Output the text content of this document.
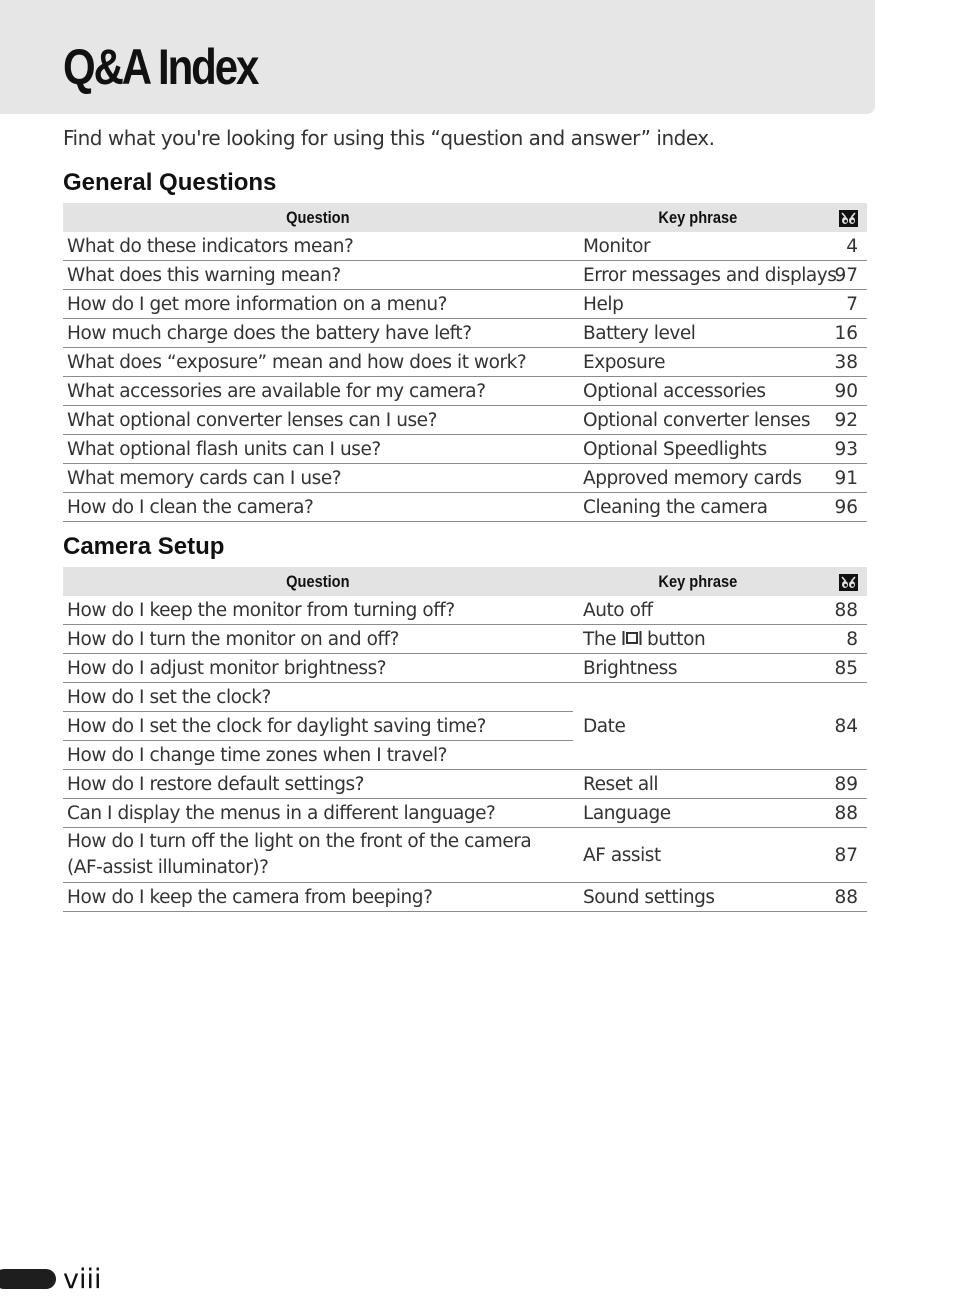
Q&A Index

Find what you're looking for using this “question and answer” index.

General Questions
Question	Key phrase	
What do these indicators mean?	Monitor	4
What does this warning mean?	Error messages and displays	97
How do I get more information on a menu?	Help	7
How much charge does the battery have left?	Battery level	16
What does “exposure” mean and how does it work?	Exposure	38
What accessories are available for my camera?	Optional accessories	90
What optional converter lenses can I use?	Optional converter lenses	92
What optional flash units can I use?	Optional Speedlights	93
What memory cards can I use?	Approved memory cards	91
How do I clean the camera?	Cleaning the camera	96
Camera Setup
Question	Key phrase	
How do I keep the monitor from turning off?	Auto off	88
How do I turn the monitor on and off?	The button	8
How do I adjust monitor brightness?	Brightness	85
How do I set the clock?	Date	84
How do I set the clock for daylight saving time?		
How do I change time zones when I travel?		
How do I restore default settings?	Reset all	89
Can I display the menus in a different language?	Language	88
How do I turn off the light on the front of the camera (AF-assist illuminator)?	AF assist	87
How do I keep the camera from beeping?	Sound settings	88

viii
